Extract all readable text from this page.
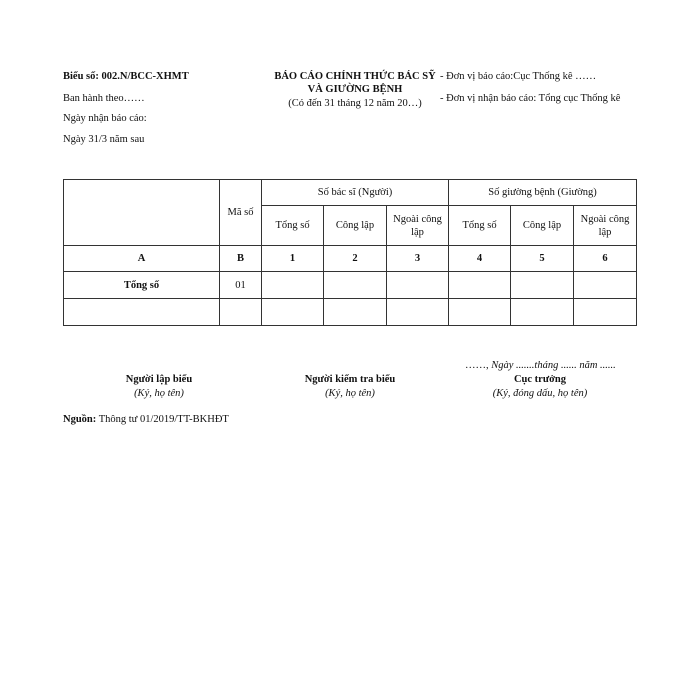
Biểu số: 002.N/BCC-XHMT
Ban hành theo……
Ngày nhận báo cáo:
Ngày 31/3 năm sau
BÁO CÁO CHÍNH THỨC BÁC SỸ
VÀ GIƯỜNG BỆNH
(Có đến 31 tháng 12 năm 20…)
- Đơn vị báo cáo:Cục Thống kê ……
- Đơn vị nhận báo cáo: Tổng cục Thống kê
	Mã số	Số bác sĩ (Người)			Số giường bệnh (Giường)		
		Tổng số	Công lập	Ngoài công lập	Tổng số	Công lập	Ngoài công lập
A	B	1	2	3	4	5	6
Tổng số	01						

……, Ngày .......tháng ...... năm ......
Người lập biểu
(Ký, họ tên)
Người kiểm tra biểu
(Ký, họ tên)
Cục trưởng
(Ký, đóng dấu, họ tên)
Nguồn: Thông tư 01/2019/TT-BKHĐT
